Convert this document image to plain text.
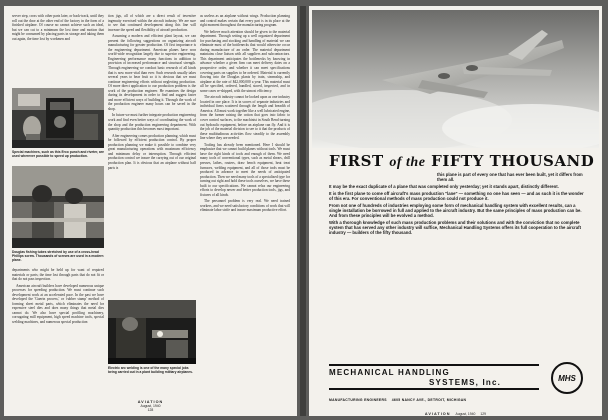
server step, cross with other parts later, or back-track, until they roll out the door at the other end of the factory in the form of a finished airplane. Of course no cannot achieve such an ideal, but we can cut to a minimum the lost time and motion that might be consumed by placing parts in storage and taking them out again, the time lost by workmen and

Special machines, such as this Erco punch and riveter, are used wherever possible to speed up production.
Douglas fishing tubes stretched by use of a cross-head Phillips screw. Thousands of screws are used in a modern plane.

departments who might be held up for want of required materials or parts; the time lost through parts that do not fit or that do not pass inspection.

American aircraft builders have developed numerous unique processes for speeding production. We must continue such development work at an accelerated pace. In the past we have developed the 'Guerin process,' or 'rubber stamp' method of forming sheet metal parts, which eliminates the need for expensive steel dies and does many things that metal dies cannot do. We also have special profiling machinery, corrugating mill equipment, high speed machine tools, special welding machines, and numerous special production

tion jigs, all of which are a direct result of inventive ingenuity exercised within the aircraft industry. We are sure to see that continued development along this line will increase the speed and flexibility of aircraft production.

Assuming a modern and efficient plant layout, we can present the following suggestions on organizing aircraft manufacturing for greater production. Of first importance is the engineering department. American planes have won world-wide recognition largely due to superior engineering. Engineering performance many functions in addition to provision of increased performance and structural strength. Through engineering we conduct basic research of all kinds that is now more vital than ever. Such research usually takes several years to bear fruit so it is obvious that we must continue engineering efforts without neglecting production. Of more direct application to our production problem is the work of the production engineer. He examines the design during its development in order to find and suggest faster and more efficient ways of building it. Through the work of the production engineer many hours can be saved in the shop.

In future we must further integrate production engineering work and find even better ways of coordinating the work of the shop and the production engineering department. With quantity production this becomes most important.

After engineering comes production planning, which must be followed by efficient production control. By proper production planning we make it possible to combine very great manufacturing operations with maximum efficiency and minimum delay or interruption. Through efficient production control we insure the carrying out of our original production plan. It is obvious that an airplane without half parts is

Electric arc welding is one of the many special jobs being carried out in a plant building military airplanes.

as useless as an airplane without wings. Production planning and control makes certain that every part is in its place at the right moment throughout the manufacturing program.

We believe much attention should be given to the material department. Through setting up a well organized department for purchasing and stocking and handling of material we can eliminate most of the bottlenecks that would otherwise occur during manufacture of an order. The material department maintains close liaison with all suppliers and subcontractors. This department anticipates the bottlenecks by knowing in advance whether a given firm can meet delivery dates on a prospective order, and whether it can meet specifications covering parts on supplies to be ordered. Material is currently flowing into the Douglas plants by train, steamship, and airplane at the rate of $42,000,000 a year. This material must all be specified, ordered, handled, stored, inspected, and in some cases re-shipped, with the utmost efficiency.

The aircraft industry cannot be looked upon as one industry located in one place. It is in scores of separate industries and individual firms scattered through the length and breadth of America. All must work together like a well lubricated engine, from the farmer raising the cotton that goes into fabric to cover control surfaces, to the machinist in South Bend turning out hydraulic equipment, before an airplane can fly. And it is the job of the material division to see to it that the products of these multitudinous activities flow steadily to the assembly line where they are needed.

Tooling has already been mentioned. Here I should be emphasize that we cannot build planes without tools. We must have the right kinds of tools and enough of them. We need many tools of conventional types, such as metal shears, drill presses, lathes, routers, draw bench equipment, heat treat furnaces, welding equipment, and all of those tools must be produced in advance to meet the needs of anticipated production. Then we need many tools of a specialized type for turning out right and hold these tools ourselves, we have these built to our specifications. We cannot relax our engineering efforts to develop newer and better production tools, jigs, and fixtures of all kinds.

The personnel problem is very real. We need trained workers, and we need satisfactory conditions of work that will eliminate labor strife and insure maximum productive effort.

AVIATION
August, 1940
128
FIRST of the FIFTY THOUSAND

this plane is part of every one that has ever been built, yet it differs from them all.

It may be the exact duplicate of a plane that was completed only yesterday; yet it stands apart, distinctly different.

It is the first plane to come off aircraft's mass production "lane" — something no one has seen — and as such it is the wonder of this era. For conventional methods of mass production could not produce it.

From not one of hundreds of industries employing some form of mechanical handling system with excellent results, can a single installation be borrowed in full and applied to the aircraft industry. But the same principles of mass production can be. And from these principles will be evolved a method.

With a thorough knowledge of such mass production problems and their solutions and with the conviction that no complete system that has served any other industry will suffice, Mechanical Handling Systems offers its full cooperation to the aircraft industry — builders of the fifty thousand.

MECHANICAL HANDLING
SYSTEMS, Inc.	MHS
MANUFACTURING ENGINEERS    4605 NANCY AVE., DETROIT, MICHIGAN
AVIATION August, 1940 129
